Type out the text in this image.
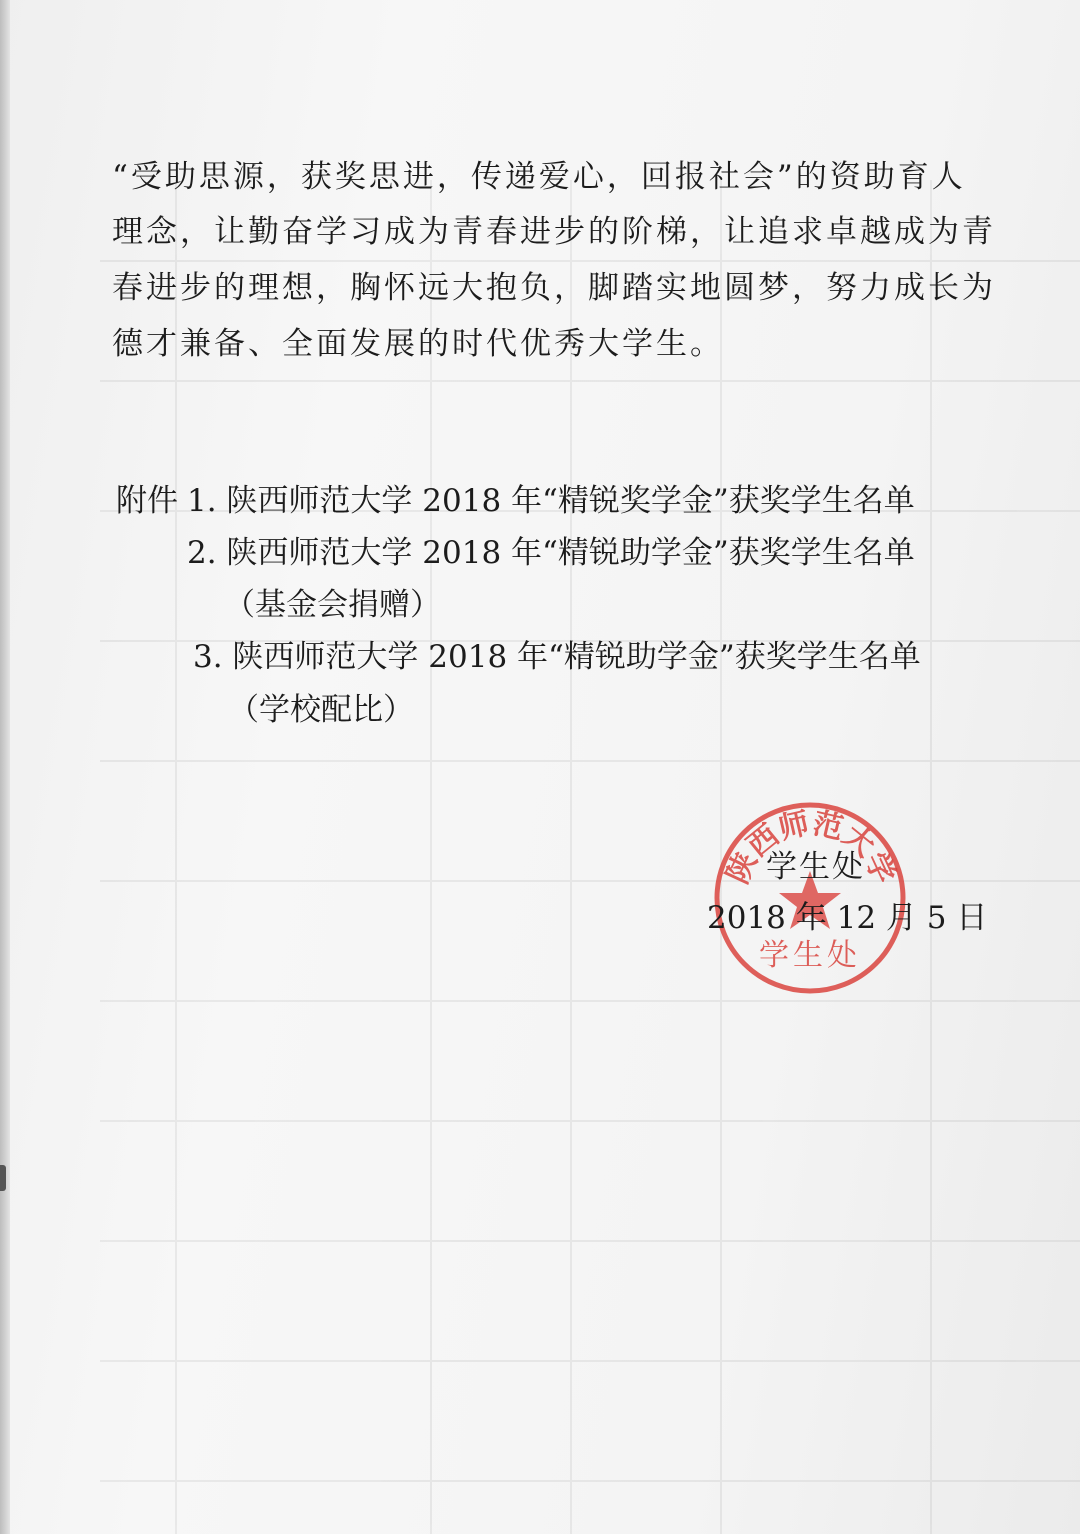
“受助思源，获奖思进，传递爱心，回报社会”的资助育人
理念，让勤奋学习成为青春进步的阶梯，让追求卓越成为青
春进步的理想，胸怀远大抱负，脚踏实地圆梦，努力成长为
德才兼备、全面发展的时代优秀大学生。
附件 1. 陕西师范大学 2018 年“精锐奖学金”获奖学生名单
2. 陕西师范大学 2018 年“精锐助学金”获奖学生名单
（基金会捐赠）
3. 陕西师范大学 2018 年“精锐助学金”获奖学生名单
（学校配比）
陕西师范大学
学生处
学生处
2018 年 12 月 5 日
